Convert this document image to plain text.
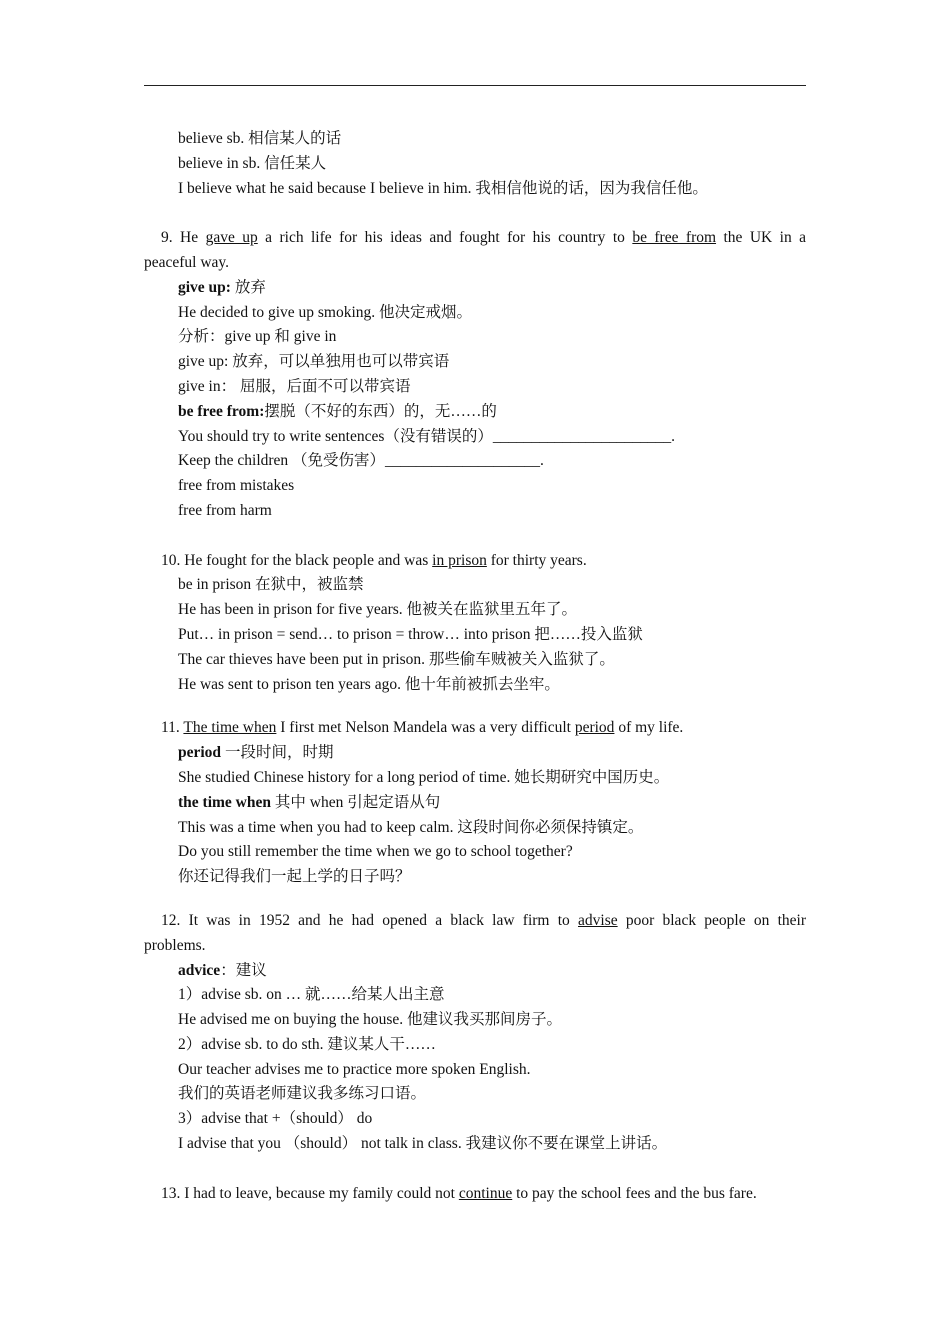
believe sb. 相信某人的话
believe in sb. 信任某人
I believe what he said because I believe in him. 我相信他说的话，因为我信任他。
9. He gave up a rich life for his ideas and fought for his country to be free from the UK in a
peaceful way.
give up: 放弃
He decided to give up smoking. 他决定戒烟。
分析：give up 和 give in
give up: 放弃，可以单独用也可以带宾语
give in： 屈服，后面不可以带宾语
be free from:摆脱（不好的东西）的，无……的
You should try to write sentences（没有错误的）_______________________.
Keep the children （免受伤害）____________________.
free from mistakes
free from harm
10. He fought for the black people and was in prison for thirty years.
be in prison 在狱中，被监禁
He has been in prison for five years. 他被关在监狱里五年了。
Put… in prison = send… to prison = throw… into prison 把……投入监狱
The car thieves have been put in prison. 那些偷车贼被关入监狱了。
He was sent to prison ten years ago. 他十年前被抓去坐牢。
11. The time when I first met Nelson Mandela was a very difficult period of my life.
period 一段时间，时期
She studied Chinese history for a long period of time. 她长期研究中国历史。
the time when 其中 when 引起定语从句
This was a time when you had to keep calm. 这段时间你必须保持镇定。
Do you still remember the time when we go to school together?
你还记得我们一起上学的日子吗？
12. It was in 1952 and he had opened a black law firm to advise poor black people on their
problems.
advice：建议
1）advise sb. on … 就……给某人出主意
He advised me on buying the house. 他建议我买那间房子。
2）advise sb. to do sth. 建议某人干……
Our teacher advises me to practice more spoken English.
我们的英语老师建议我多练习口语。
3）advise that +（should） do
I advise that you （should） not talk in class. 我建议你不要在课堂上讲话。
13. I had to leave, because my family could not continue to pay the school fees and the bus fare.
